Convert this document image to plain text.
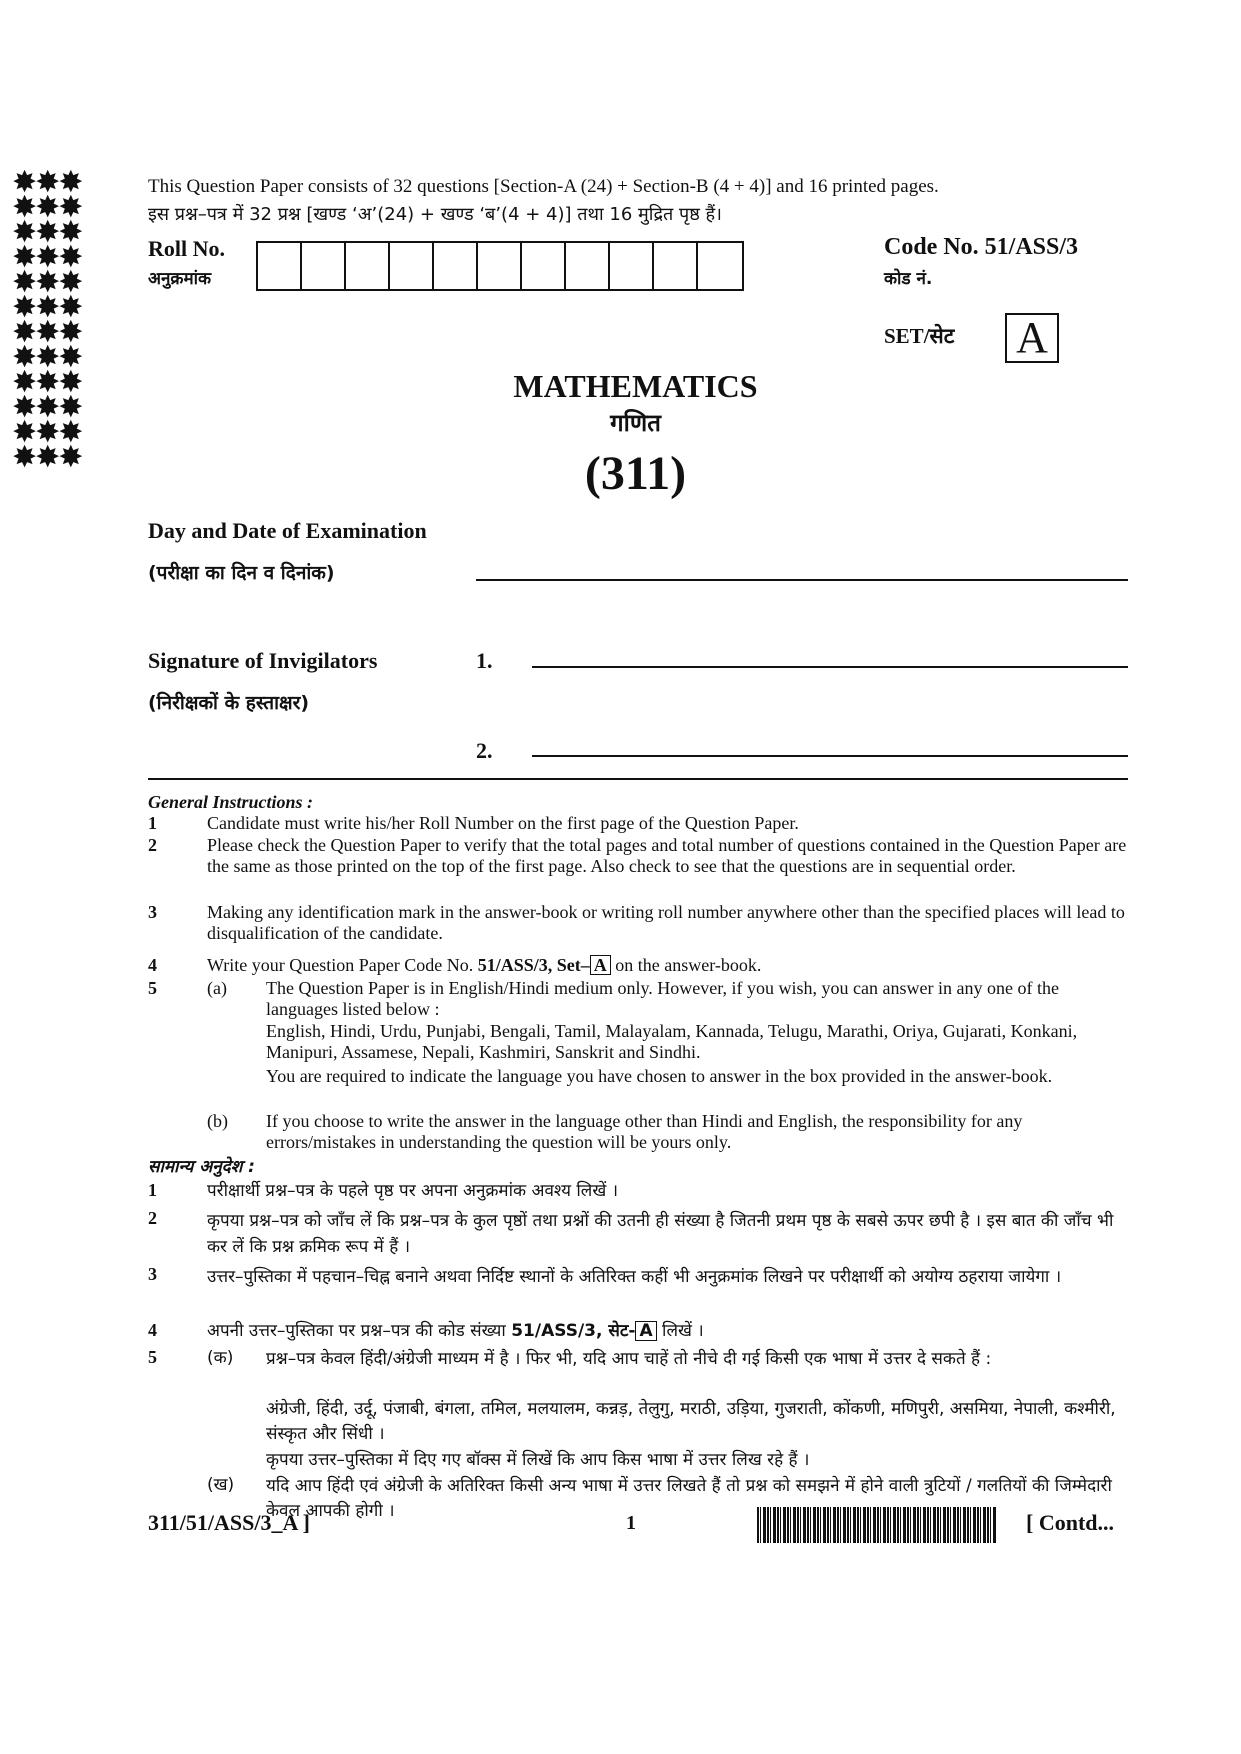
✸✸✸
✸✸✸
✸✸✸
✸✸✸
✸✸✸
✸✸✸
✸✸✸
✸✸✸
✸✸✸
✸✸✸
✸✸✸
✸✸✸
This Question Paper consists of 32 questions [Section-A (24) + Section-B (4 + 4)] and 16 printed pages.
इस प्रश्न–पत्र में 32 प्रश्न [खण्ड ‘अ’(24) + खण्ड ‘ब’(4 + 4)] तथा 16 मुद्रित पृष्ठ हैं।
Roll No.
अनुक्रमांक
Code No. 51/ASS/3
कोड नं.
SET/सेट A
MATHEMATICS
गणित
(311)
Day and Date of Examination
(परीक्षा का दिन व दिनांक)
Signature of Invigilators	1.
(निरीक्षकों के हस्ताक्षर)
2.
General Instructions :
1	Candidate must write his/her Roll Number on the first page of the Question Paper.
2	Please check the Question Paper to verify that the total pages and total number of questions contained in the Question Paper are the same as those printed on the top of the first page. Also check to see that the questions are in sequential order.
3	Making any identification mark in the answer-book or writing roll number anywhere other than the specified places will lead to disqualification of the candidate.
4	Write your Question Paper Code No. 51/ASS/3, Set– A on the answer-book.
5	(a) The Question Paper is in English/Hindi medium only. However, if you wish, you can answer in any one of the languages listed below :
English, Hindi, Urdu, Punjabi, Bengali, Tamil, Malayalam, Kannada, Telugu, Marathi, Oriya, Gujarati, Konkani, Manipuri, Assamese, Nepali, Kashmiri, Sanskrit and Sindhi.
You are required to indicate the language you have chosen to answer in the box provided in the answer-book.
(b) If you choose to write the answer in the language other than Hindi and English, the responsibility for any errors/mistakes in understanding the question will be yours only.
सामान्य अनुदेश :
1	परीक्षार्थी प्रश्न–पत्र के पहले पृष्ठ पर अपना अनुक्रमांक अवश्य लिखें ।
2	कृपया प्रश्न–पत्र को जाँच लें कि प्रश्न–पत्र के कुल पृष्ठों तथा प्रश्नों की उतनी ही संख्या है जितनी प्रथम पृष्ठ के सबसे ऊपर छपी है । इस बात की जाँच भी कर लें कि प्रश्न क्रमिक रूप में हैं ।
3	उत्तर–पुस्तिका में पहचान–चिह्न बनाने अथवा निर्दिष्ट स्थानों के अतिरिक्त कहीं भी अनुक्रमांक लिखने पर परीक्षार्थी को अयोग्य ठहराया जायेगा ।
4	अपनी उत्तर–पुस्तिका पर प्रश्न–पत्र की कोड संख्या 51/ASS/3, सेट- A लिखें ।
5	(क) प्रश्न–पत्र केवल हिंदी/अंग्रेजी माध्यम में है । फिर भी, यदि आप चाहें तो नीचे दी गई किसी एक भाषा में उत्तर दे सकते हैं :
अंग्रेजी, हिंदी, उर्दू, पंजाबी, बंगला, तमिल, मलयालम, कन्नड़, तेलुगु, मराठी, उड़िया, गुजराती, कोंकणी, मणिपुरी, असमिया, नेपाली, कश्मीरी, संस्कृत और सिंधी ।
कृपया उत्तर–पुस्तिका में दिए गए बॉक्स में लिखें कि आप किस भाषा में उत्तर लिख रहे हैं ।
(ख) यदि आप हिंदी एवं अंग्रेजी के अतिरिक्त किसी अन्य भाषा में उत्तर लिखते हैं तो प्रश्न को समझने में होने वाली त्रुटियों / गलतियों की जिम्मेदारी केवल आपकी होगी ।
311/51/ASS/3_A ]	1	[ Contd...
